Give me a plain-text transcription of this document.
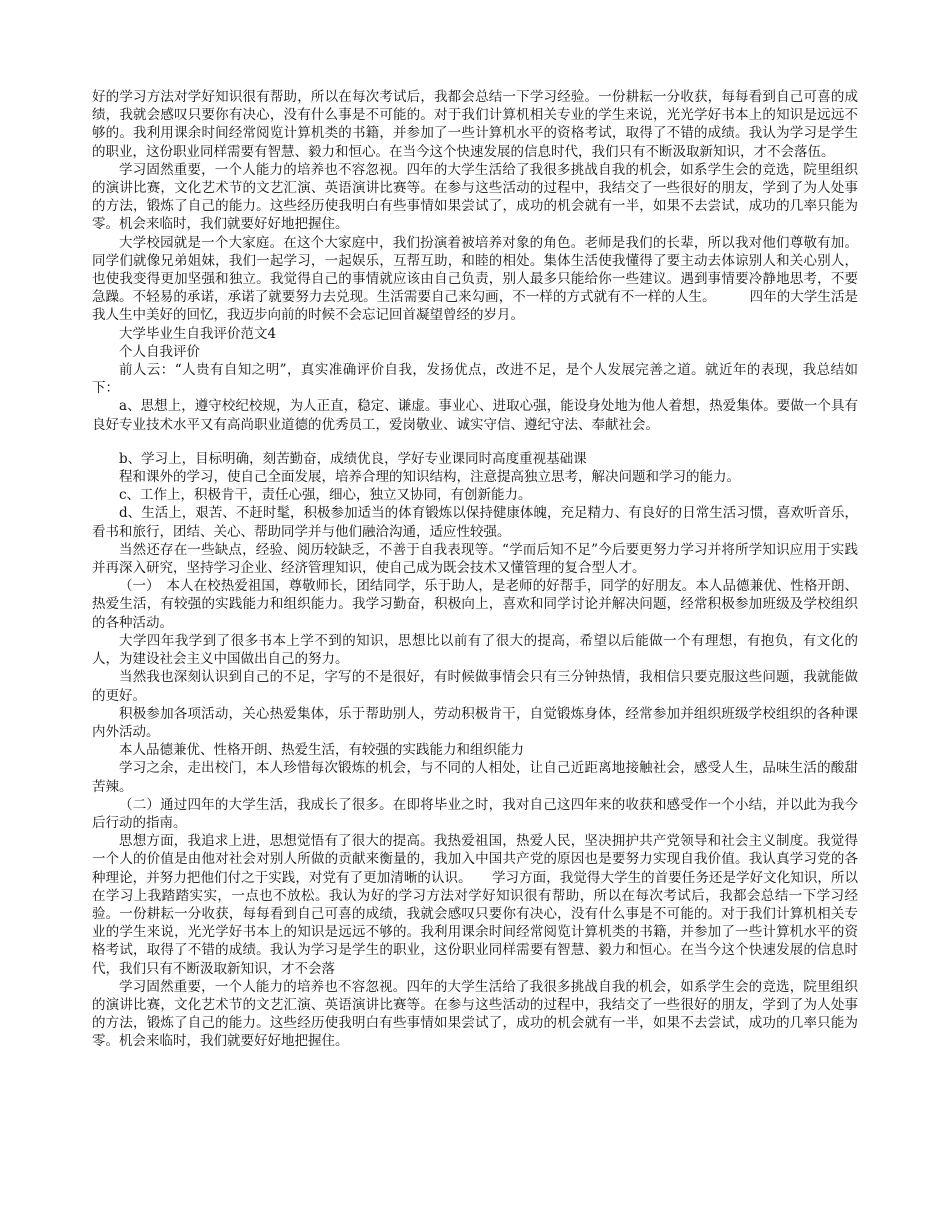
好的学习方法对学好知识很有帮助，所以在每次考试后，我都会总结一下学习经验。一份耕耘一分收获，每每看到自己可喜的成绩，我就会感叹只要你有决心，没有什么事是不可能的。对于我们计算机相关专业的学生来说，光光学好书本上的知识是远远不够的。我利用课余时间经常阅览计算机类的书籍，并参加了一些计算机水平的资格考试，取得了不错的成绩。我认为学习是学生的职业，这份职业同样需要有智慧、毅力和恒心。在当今这个快速发展的信息时代，我们只有不断汲取新知识，才不会落伍。

学习固然重要，一个人能力的培养也不容忽视。四年的大学生活给了我很多挑战自我的机会，如系学生会的竞选，院里组织的演讲比赛，文化艺术节的文艺汇演、英语演讲比赛等。在参与这些活动的过程中，我结交了一些很好的朋友，学到了为人处事的方法，锻炼了自己的能力。这些经历使我明白有些事情如果尝试了，成功的机会就有一半，如果不去尝试，成功的几率只能为零。机会来临时，我们就要好好地把握住。

大学校园就是一个大家庭。在这个大家庭中，我们扮演着被培养对象的角色。老师是我们的长辈，所以我对他们尊敬有加。同学们就像兄弟姐妹，我们一起学习，一起娱乐，互帮互助，和睦的相处。集体生活使我懂得了要主动去体谅别人和关心别人，也使我变得更加坚强和独立。我觉得自己的事情就应该由自己负责，别人最多只能给你一些建议。遇到事情要冷静地思考，不要急躁。不轻易的承诺，承诺了就要努力去兑现。生活需要自己来勾画，不一样的方式就有不一样的人生。　　　四年的大学生活是我人生中美好的回忆，我迈步向前的时候不会忘记回首凝望曾经的岁月。

大学毕业生自我评价范文4

个人自我评价

前人云：“人贵有自知之明”，真实准确评价自我，发扬优点，改进不足，是个人发展完善之道。就近年的表现，我总结如下：

a、思想上，遵守校纪校规，为人正直，稳定、谦虚。事业心、进取心强，能设身处地为他人着想，热爱集体。要做一个具有良好专业技术水平又有高尚职业道德的优秀员工，爱岗敬业、诚实守信、遵纪守法、奉献社会。

b、学习上，目标明确，刻苦勤奋，成绩优良，学好专业课同时高度重视基础课

程和课外的学习，使自己全面发展，培养合理的知识结构，注意提高独立思考，解决问题和学习的能力。

c、工作上，积极肯干，责任心强，细心，独立又协同，有创新能力。

d、生活上，艰苦、不赶时髦，积极参加适当的体育锻炼以保持健康体魄，充足精力、有良好的日常生活习惯，喜欢听音乐，看书和旅行，团结、关心、帮助同学并与他们融洽沟通，适应性较强。

当然还存在一些缺点，经验、阅历较缺乏，不善于自我表现等。“学而后知不足”今后要更努力学习并将所学知识应用于实践并再深入研究，坚持学习企业、经济管理知识，使自己成为既会技术又懂管理的复合型人才。

（一）　本人在校热爱祖国，尊敬师长，团结同学，乐于助人，是老师的好帮手，同学的好朋友。本人品德兼优、性格开朗、热爱生活，有较强的实践能力和组织能力。我学习勤奋，积极向上，喜欢和同学讨论并解决问题，经常积极参加班级及学校组织的各种活动。

大学四年我学到了很多书本上学不到的知识，思想比以前有了很大的提高，希望以后能做一个有理想，有抱负，有文化的人，为建设社会主义中国做出自己的努力。

当然我也深刻认识到自己的不足，字写的不是很好，有时候做事情会只有三分钟热情，我相信只要克服这些问题，我就能做的更好。

积极参加各项活动，关心热爱集体，乐于帮助别人，劳动积极肯干，自觉锻炼身体，经常参加并组织班级学校组织的各种课内外活动。

本人品德兼优、性格开朗、热爱生活，有较强的实践能力和组织能力

学习之余，走出校门，本人珍惜每次锻炼的机会，与不同的人相处，让自己近距离地接触社会，感受人生，品味生活的酸甜苦辣。

（二）通过四年的大学生活，我成长了很多。在即将毕业之时，我对自己这四年来的收获和感受作一个小结，并以此为我今后行动的指南。

思想方面，我追求上进，思想觉悟有了很大的提高。我热爱祖国，热爱人民，坚决拥护共产党领导和社会主义制度。我觉得一个人的价值是由他对社会对别人所做的贡献来衡量的，我加入中国共产党的原因也是要努力实现自我价值。我认真学习党的各种理论，并努力把他们付之于实践，对党有了更加清晰的认识。　　学习方面，我觉得大学生的首要任务还是学好文化知识，所以在学习上我踏踏实实，一点也不放松。我认为好的学习方法对学好知识很有帮助，所以在每次考试后，我都会总结一下学习经验。一份耕耘一分收获，每每看到自己可喜的成绩，我就会感叹只要你有决心，没有什么事是不可能的。对于我们计算机相关专业的学生来说，光光学好书本上的知识是远远不够的。我利用课余时间经常阅览计算机类的书籍，并参加了一些计算机水平的资格考试，取得了不错的成绩。我认为学习是学生的职业，这份职业同样需要有智慧、毅力和恒心。在当今这个快速发展的信息时代，我们只有不断汲取新知识，才不会落

学习固然重要，一个人能力的培养也不容忽视。四年的大学生活给了我很多挑战自我的机会，如系学生会的竞选，院里组织的演讲比赛，文化艺术节的文艺汇演、英语演讲比赛等。在参与这些活动的过程中，我结交了一些很好的朋友，学到了为人处事的方法，锻炼了自己的能力。这些经历使我明白有些事情如果尝试了，成功的机会就有一半，如果不去尝试，成功的几率只能为零。机会来临时，我们就要好好地把握住。
